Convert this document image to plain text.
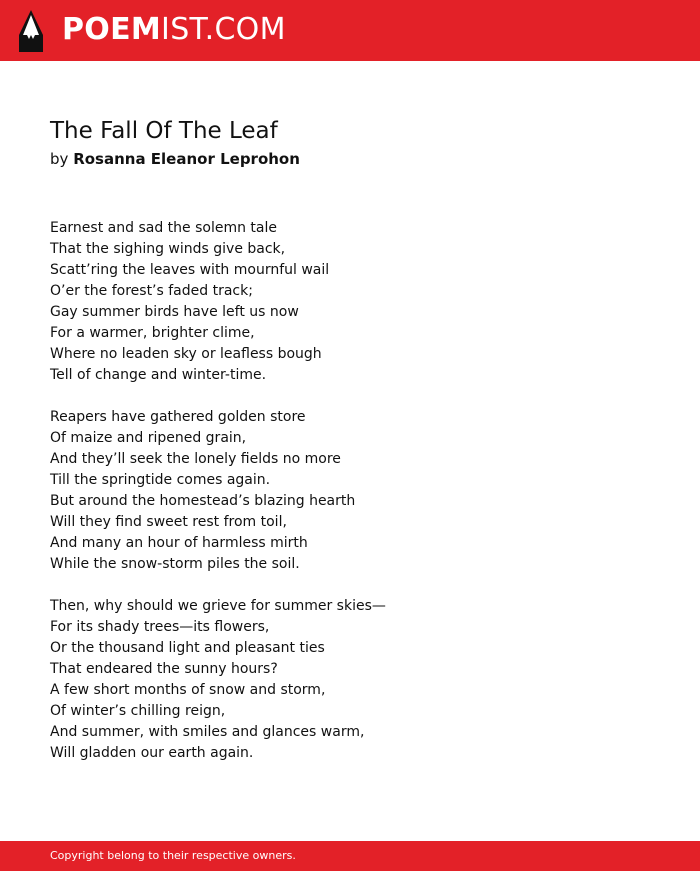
POEMIST.COM
The Fall Of The Leaf
by Rosanna Eleanor Leprohon
Earnest and sad the solemn tale
That the sighing winds give back,
Scatt’ring the leaves with mournful wail
O’er the forest’s faded track;
Gay summer birds have left us now
For a warmer, brighter clime,
Where no leaden sky or leafless bough
Tell of change and winter-time.
Reapers have gathered golden store
Of maize and ripened grain,
And they’ll seek the lonely fields no more
Till the springtide comes again.
But around the homestead’s blazing hearth
Will they find sweet rest from toil,
And many an hour of harmless mirth
While the snow-storm piles the soil.
Then, why should we grieve for summer skies—
For its shady trees—its flowers,
Or the thousand light and pleasant ties
That endeared the sunny hours?
A few short months of snow and storm,
Of winter’s chilling reign,
And summer, with smiles and glances warm,
Will gladden our earth again.
Copyright belong to their respective owners.
